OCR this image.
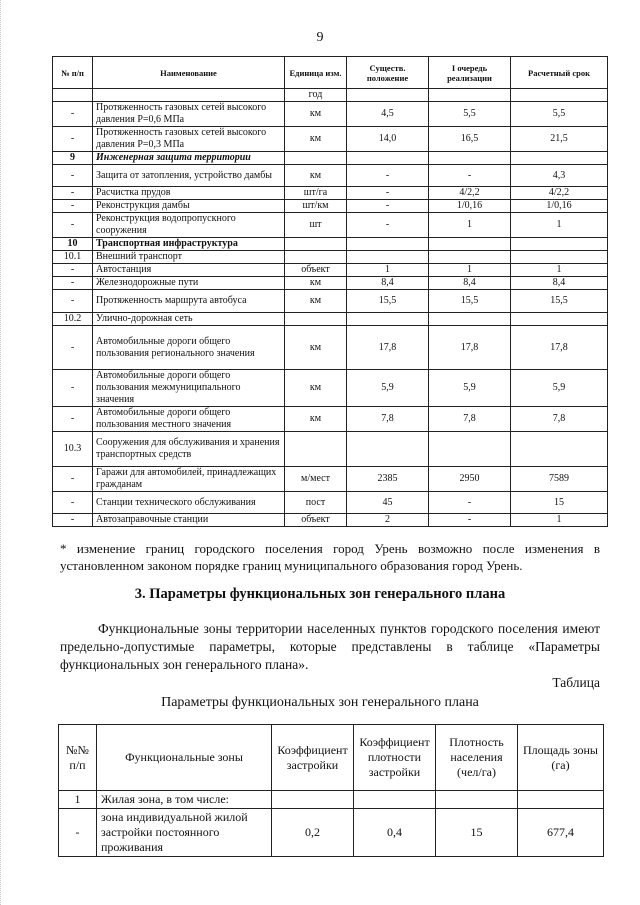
9
№ п/п	Наименование	Единица изм.	Существ. положение	I очередь реализации	Расчетный срок
		год			
-	Протяженность газовых сетей высокого давления Р=0,6 МПа	км	4,5	5,5	5,5
-	Протяженность газовых сетей высокого давления Р=0,3 МПа	км	14,0	16,5	21,5
9	Инженерная защита территории				
-	Защита от затопления, устройство дамбы	км	-	-	4,3
-	Расчистка прудов	шт/га	-	4/2,2	4/2,2
-	Реконструкция дамбы	шт/км	-	1/0,16	1/0,16
-	Реконструкция водопропускного сооружения	шт	-	1	1
10	Транспортная инфраструктура				
10.1	Внешний транспорт				
-	Автостанция	объект	1	1	1
-	Железнодорожные пути	км	8,4	8,4	8,4
-	Протяженность маршрута автобуса	км	15,5	15,5	15,5
10.2	Улично-дорожная сеть				
-	Автомобильные дороги общего пользования регионального значения	км	17,8	17,8	17,8
-	Автомобильные дороги общего пользования межмуниципального значения	км	5,9	5,9	5,9
-	Автомобильные дороги общего пользования местного значения	км	7,8	7,8	7,8
10.3	Сооружения для обслуживания и хранения транспортных средств				
-	Гаражи для автомобилей, принадлежащих гражданам	м/мест	2385	2950	7589
-	Станции технического обслуживания	пост	45	-	15
-	Автозаправочные станции	объект	2	-	1
* изменение границ городского поселения город Урень возможно после изменения в установленном законом порядке границ муниципального образования город Урень.
3. Параметры функциональных зон генерального плана
Функциональные зоны территории населенных пунктов городского поселения имеют предельно-допустимые параметры, которые представлены в таблице «Параметры функциональных зон генерального плана».
Таблица
Параметры функциональных зон генерального плана
№№ п/п	Функциональные зоны	Коэффициент застройки	Коэффициент плотности застройки	Плотность населения (чел/га)	Площадь зоны (га)
1	Жилая зона, в том числе:				
-	зона индивидуальной жилой застройки постоянного проживания	0,2	0,4	15	677,4
